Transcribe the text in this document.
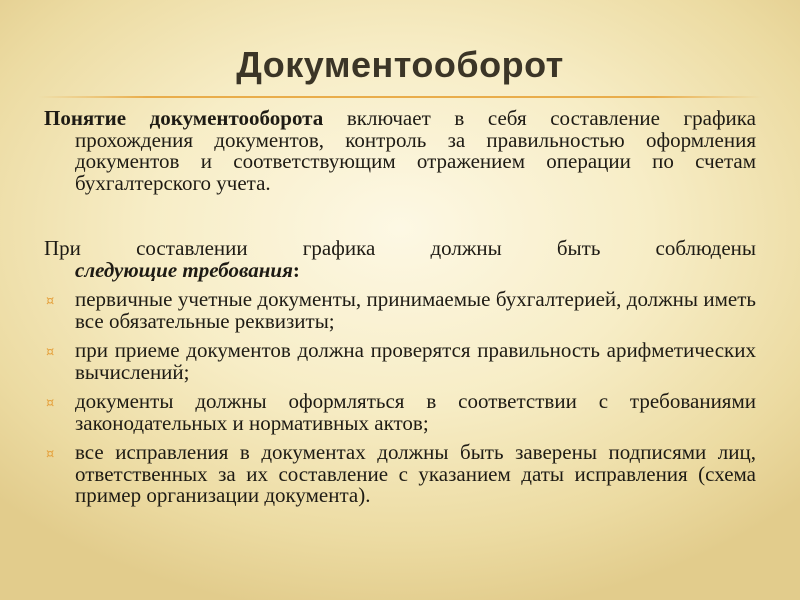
Документооборот

Понятие документооборота включает в себя составление графика прохождения документов, контроль за правильностью оформления документов и соответствующим отражением операции по счетам бухгалтерского учета.

При составлении графика должны быть соблюдены
следующие требования:

¤ первичные учетные документы, принимаемые бухгалтерией, должны иметь все обязательные реквизиты;
¤ при приеме документов должна проверятся правильность арифметических вычислений;
¤ документы должны оформляться в соответствии с требованиями законодательных и нормативных актов;
¤ все исправления в документах должны быть заверены подписями лиц, ответственных за их составление с указанием даты исправления (схема пример организации документа).
